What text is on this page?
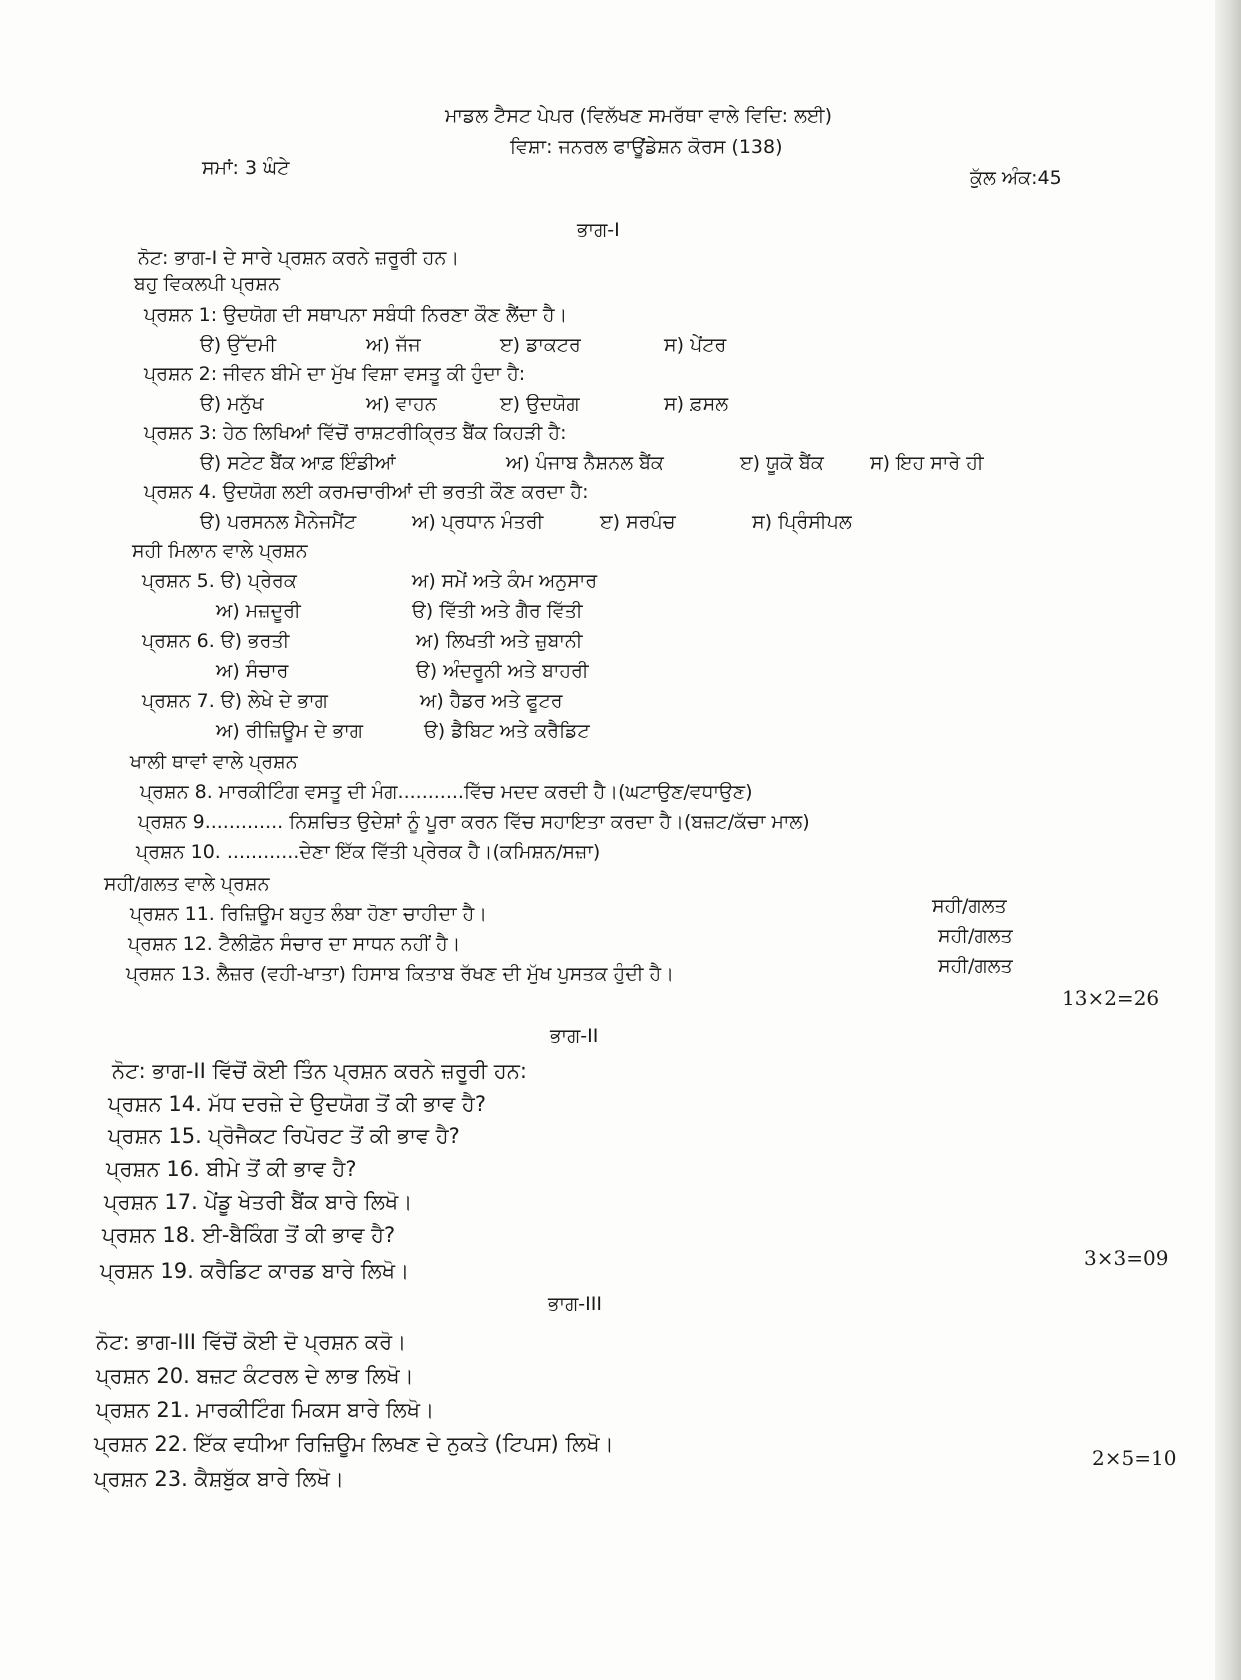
ਮਾਡਲ ਟੈਸਟ ਪੇਪਰ (ਵਿਲੱਖਣ ਸਮਰੱਥਾ ਵਾਲੇ ਵਿਦਿ: ਲਈ)
ਵਿਸ਼ਾ: ਜਨਰਲ ਫਾਊਂਡੇਸ਼ਨ ਕੋਰਸ (138)
ਸਮਾਂ: 3 ਘੰਟੇ	ਕੁੱਲ ਅੰਕ:45
ਭਾਗ-I
ਨੋਟ: ਭਾਗ-I ਦੇ ਸਾਰੇ ਪ੍ਰਸ਼ਨ ਕਰਨੇ ਜ਼ਰੂਰੀ ਹਨ।
ਬਹੁ ਵਿਕਲਪੀ ਪ੍ਰਸ਼ਨ
ਪ੍ਰਸ਼ਨ 1: ਉਦਯੋਗ ਦੀ ਸਥਾਪਨਾ ਸਬੰਧੀ ਨਿਰਣਾ ਕੌਣ ਲੈਂਦਾ ਹੈ।
ੳ) ਉੱਦਮੀ	ਅ) ਜੱਜ	ੲ) ਡਾਕਟਰ	ਸ) ਪੇਂਟਰ
ਪ੍ਰਸ਼ਨ 2: ਜੀਵਨ ਬੀਮੇ ਦਾ ਮੁੱਖ ਵਿਸ਼ਾ ਵਸਤੂ ਕੀ ਹੁੰਦਾ ਹੈ:
ੳ) ਮਨੁੱਖ	ਅ) ਵਾਹਨ	ੲ) ਉਦਯੋਗ	ਸ) ਫ਼ਸਲ
ਪ੍ਰਸ਼ਨ 3: ਹੇਠ ਲਿਖਿਆਂ ਵਿੱਚੋਂ ਰਾਸ਼ਟਰੀਕ੍ਰਿਤ ਬੈਂਕ ਕਿਹੜੀ ਹੈ:
ੳ) ਸਟੇਟ ਬੈਂਕ ਆਫ਼ ਇੰਡੀਆਂ	ਅ) ਪੰਜਾਬ ਨੈਸ਼ਨਲ ਬੈਂਕ	ੲ) ਯੂਕੋ ਬੈਂਕ ਸ) ਇਹ ਸਾਰੇ ਹੀ
ਪ੍ਰਸ਼ਨ 4. ਉਦਯੋਗ ਲਈ ਕਰਮਚਾਰੀਆਂ ਦੀ ਭਰਤੀ ਕੌਣ ਕਰਦਾ ਹੈ:
ੳ) ਪਰਸਨਲ ਮੈਨੇਜਮੈਂਟ	ਅ) ਪ੍ਰਧਾਨ ਮੰਤਰੀ	ੲ) ਸਰਪੰਚ	ਸ) ਪ੍ਰਿੰਸੀਪਲ
ਸਹੀ ਮਿਲਾਨ ਵਾਲੇ ਪ੍ਰਸ਼ਨ
ਪ੍ਰਸ਼ਨ 5. ੳ) ਪ੍ਰੇਰਕ	ਅ) ਸਮੇਂ ਅਤੇ ਕੰਮ ਅਨੁਸਾਰ
ਅ) ਮਜ਼ਦੂਰੀ	ੳ) ਵਿੱਤੀ ਅਤੇ ਗੈਰ ਵਿੱਤੀ
ਪ੍ਰਸ਼ਨ 6. ੳ) ਭਰਤੀ	ਅ) ਲਿਖਤੀ ਅਤੇ ਜ਼ੁਬਾਨੀ
ਅ) ਸੰਚਾਰ	ੳ) ਅੰਦਰੂਨੀ ਅਤੇ ਬਾਹਰੀ
ਪ੍ਰਸ਼ਨ 7. ੳ) ਲੇਖੇ ਦੇ ਭਾਗ	ਅ) ਹੈਡਰ ਅਤੇ ਫੂਟਰ
ਅ) ਰੀਜ਼ਿਊਮ ਦੇ ਭਾਗ	ੳ) ਡੈਬਿਟ ਅਤੇ ਕਰੈਡਿਟ
ਖਾਲੀ ਥਾਵਾਂ ਵਾਲੇ ਪ੍ਰਸ਼ਨ
ਪ੍ਰਸ਼ਨ 8. ਮਾਰਕੀਟਿੰਗ ਵਸਤੂ ਦੀ ਮੰਗ...........ਵਿੱਚ ਮਦਦ ਕਰਦੀ ਹੈ।(ਘਟਾਉਣ/ਵਧਾਉਣ)
ਪ੍ਰਸ਼ਨ 9............. ਨਿਸ਼ਚਿਤ ਉਦੇਸ਼ਾਂ ਨੂੰ ਪੂਰਾ ਕਰਨ ਵਿੱਚ ਸਹਾਇਤਾ ਕਰਦਾ ਹੈ।(ਬਜ਼ਟ/ਕੱਚਾ ਮਾਲ)
ਪ੍ਰਸ਼ਨ 10. ............ਦੇਣਾ ਇੱਕ ਵਿੱਤੀ ਪ੍ਰੇਰਕ ਹੈ।(ਕਮਿਸ਼ਨ/ਸਜ਼ਾ)
ਸਹੀ/ਗਲਤ ਵਾਲੇ ਪ੍ਰਸ਼ਨ
ਪ੍ਰਸ਼ਨ 11. ਰਿਜ਼ਿਊਮ ਬਹੁਤ ਲੰਬਾ ਹੋਣਾ ਚਾਹੀਦਾ ਹੈ।	ਸਹੀ/ਗਲਤ
ਪ੍ਰਸ਼ਨ 12. ਟੈਲੀਫ਼ੋਨ ਸੰਚਾਰ ਦਾ ਸਾਧਨ ਨਹੀਂ ਹੈ।	ਸਹੀ/ਗਲਤ
ਪ੍ਰਸ਼ਨ 13. ਲੈਜ਼ਰ (ਵਹੀ-ਖਾਤਾ) ਹਿਸਾਬ ਕਿਤਾਬ ਰੱਖਣ ਦੀ ਮੁੱਖ ਪੁਸਤਕ ਹੁੰਦੀ ਹੈ।	ਸਹੀ/ਗਲਤ
13×2=26
ਭਾਗ-II
ਨੋਟ: ਭਾਗ-II ਵਿੱਚੋਂ ਕੋਈ ਤਿੰਨ ਪ੍ਰਸ਼ਨ ਕਰਨੇ ਜ਼ਰੂਰੀ ਹਨ:
ਪ੍ਰਸ਼ਨ 14. ਮੱਧ ਦਰਜ਼ੇ ਦੇ ਉਦਯੋਗ ਤੋਂ ਕੀ ਭਾਵ ਹੈ?
ਪ੍ਰਸ਼ਨ 15. ਪ੍ਰੋਜੈਕਟ ਰਿਪੋਰਟ ਤੋਂ ਕੀ ਭਾਵ ਹੈ?
ਪ੍ਰਸ਼ਨ 16. ਬੀਮੇ ਤੋਂ ਕੀ ਭਾਵ ਹੈ?
ਪ੍ਰਸ਼ਨ 17. ਪੇਂਡੂ ਖੇਤਰੀ ਬੈਂਕ ਬਾਰੇ ਲਿਖੋ।
ਪ੍ਰਸ਼ਨ 18. ਈ-ਬੈਕਿੰਗ ਤੋਂ ਕੀ ਭਾਵ ਹੈ?
ਪ੍ਰਸ਼ਨ 19. ਕਰੈਡਿਟ ਕਾਰਡ ਬਾਰੇ ਲਿਖੋ।
3×3=09
ਭਾਗ-III
ਨੋਟ: ਭਾਗ-III ਵਿੱਚੋਂ ਕੋਈ ਦੋ ਪ੍ਰਸ਼ਨ ਕਰੋ।
ਪ੍ਰਸ਼ਨ 20. ਬਜ਼ਟ ਕੰਟਰਲ ਦੇ ਲਾਭ ਲਿਖੋ।
ਪ੍ਰਸ਼ਨ 21. ਮਾਰਕੀਟਿੰਗ ਮਿਕਸ ਬਾਰੇ ਲਿਖੋ।
ਪ੍ਰਸ਼ਨ 22. ਇੱਕ ਵਧੀਆ ਰਿਜ਼ਿਊਮ ਲਿਖਣ ਦੇ ਨੁਕਤੇ (ਟਿਪਸ) ਲਿਖੋ।
ਪ੍ਰਸ਼ਨ 23. ਕੈਸ਼ਬੁੱਕ ਬਾਰੇ ਲਿਖੋ।
2×5=10
